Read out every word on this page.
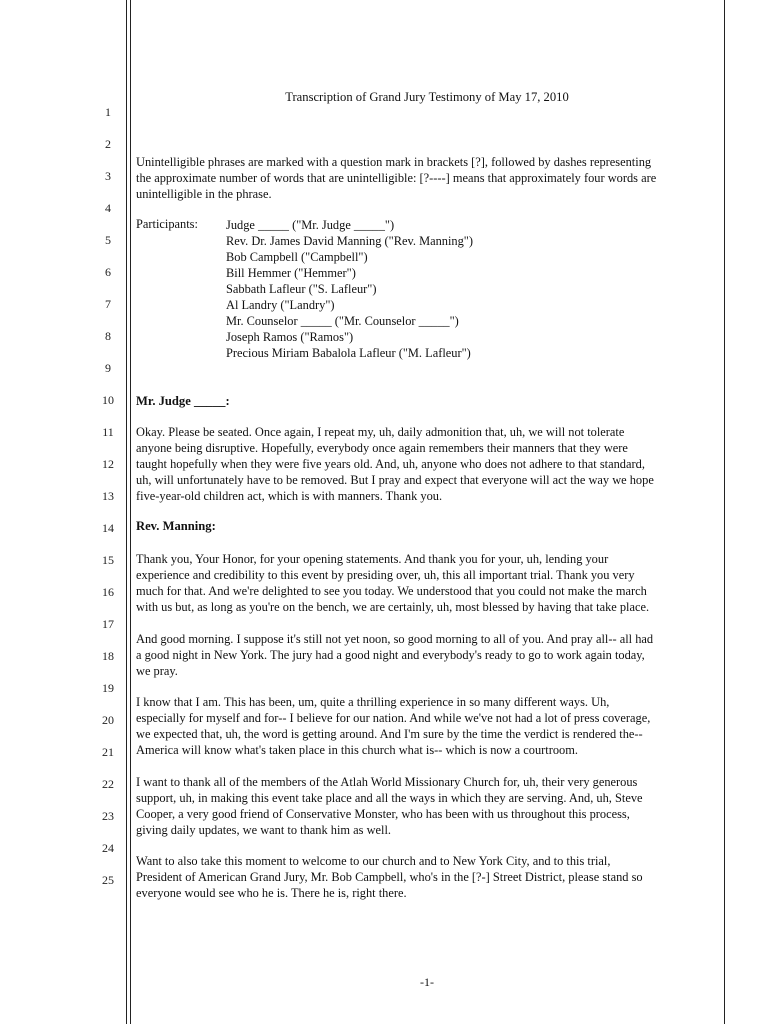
1
2
3
4
5
6
7
8
9
10
11
12
13
14
15
16
17
18
19
20
21
22
23
24
25
Transcription of Grand Jury Testimony of May 17, 2010
Unintelligible phrases are marked with a question mark in brackets [?], followed by dashes representing
the approximate number of words that are unintelligible: [?----] means that approximately four words are
unintelligible in the phrase.
Participants: Judge _____ ("Mr. Judge _____")
Rev. Dr. James David Manning ("Rev. Manning")
Bob Campbell ("Campbell")
Bill Hemmer ("Hemmer")
Sabbath Lafleur ("S. Lafleur")
Al Landry ("Landry")
Mr. Counselor _____ ("Mr. Counselor _____")
Joseph Ramos ("Ramos")
Precious Miriam Babalola Lafleur ("M. Lafleur")
Mr. Judge _____:
Okay. Please be seated. Once again, I repeat my, uh, daily admonition that, uh, we will not tolerate
anyone being disruptive. Hopefully, everybody once again remembers their manners that they were
taught hopefully when they were five years old. And, uh, anyone who does not adhere to that standard,
uh, will unfortunately have to be removed. But I pray and expect that everyone will act the way we hope
five-year-old children act, which is with manners. Thank you.
Rev. Manning:
Thank you, Your Honor, for your opening statements. And thank you for your, uh, lending your
experience and credibility to this event by presiding over, uh, this all important trial. Thank you very
much for that. And we're delighted to see you today. We understood that you could not make the march
with us but, as long as you're on the bench, we are certainly, uh, most blessed by having that take place.
And good morning. I suppose it's still not yet noon, so good morning to all of you. And pray all-- all had
a good night in New York. The jury had a good night and everybody's ready to go to work again today,
we pray.
I know that I am. This has been, um, quite a thrilling experience in so many different ways. Uh,
especially for myself and for-- I believe for our nation. And while we've not had a lot of press coverage,
we expected that, uh, the word is getting around. And I'm sure by the time the verdict is rendered the--
America will know what's taken place in this church what is-- which is now a courtroom.
I want to thank all of the members of the Atlah World Missionary Church for, uh, their very generous
support, uh, in making this event take place and all the ways in which they are serving. And, uh, Steve
Cooper, a very good friend of Conservative Monster, who has been with us throughout this process,
giving daily updates, we want to thank him as well.
Want to also take this moment to welcome to our church and to New York City, and to this trial,
President of American Grand Jury, Mr. Bob Campbell, who's in the [?-] Street District, please stand so
everyone would see who he is. There he is, right there.
-1-
